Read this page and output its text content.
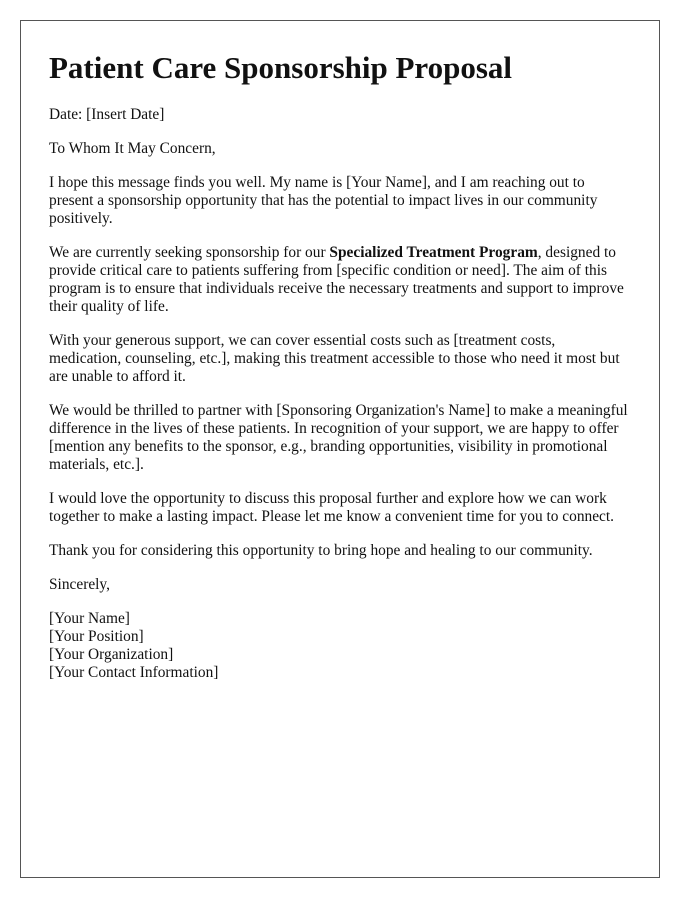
Patient Care Sponsorship Proposal

Date: [Insert Date]

To Whom It May Concern,

I hope this message finds you well. My name is [Your Name], and I am reaching out to present a sponsorship opportunity that has the potential to impact lives in our community positively.

We are currently seeking sponsorship for our Specialized Treatment Program, designed to provide critical care to patients suffering from [specific condition or need]. The aim of this program is to ensure that individuals receive the necessary treatments and support to improve their quality of life.

With your generous support, we can cover essential costs such as [treatment costs, medication, counseling, etc.], making this treatment accessible to those who need it most but are unable to afford it.

We would be thrilled to partner with [Sponsoring Organization's Name] to make a meaningful difference in the lives of these patients. In recognition of your support, we are happy to offer [mention any benefits to the sponsor, e.g., branding opportunities, visibility in promotional materials, etc.].

I would love the opportunity to discuss this proposal further and explore how we can work together to make a lasting impact. Please let me know a convenient time for you to connect.

Thank you for considering this opportunity to bring hope and healing to our community.

Sincerely,

[Your Name]

[Your Position]

[Your Organization]

[Your Contact Information]
